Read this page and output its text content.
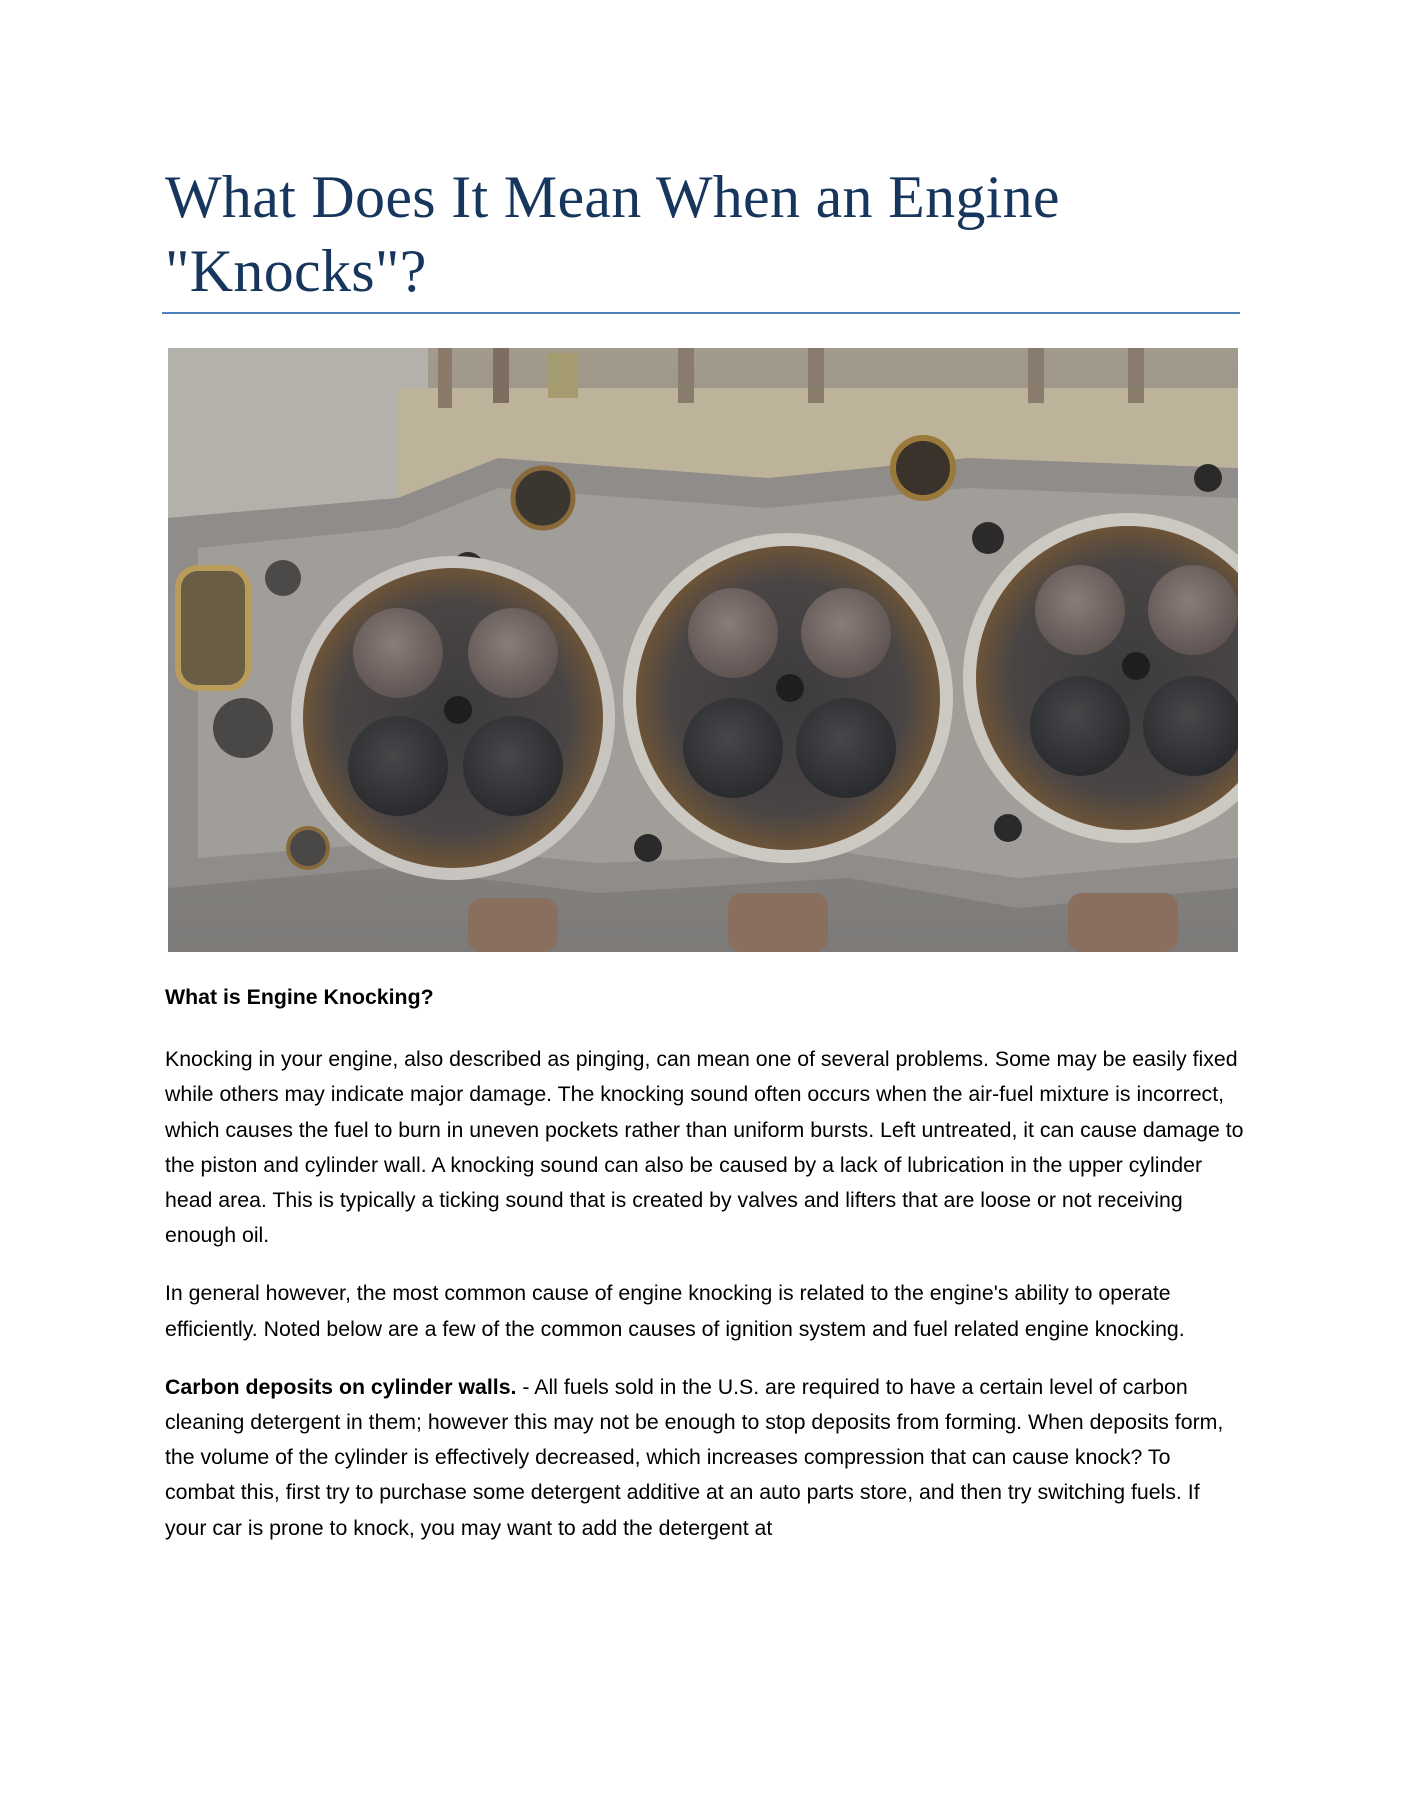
What Does It Mean When an Engine "Knocks"?

What is Engine Knocking?

Knocking in your engine, also described as pinging, can mean one of several problems. Some may be easily fixed while others may indicate major damage. The knocking sound often occurs when the air-fuel mixture is incorrect, which causes the fuel to burn in uneven pockets rather than uniform bursts. Left untreated, it can cause damage to the piston and cylinder wall. A knocking sound can also be caused by a lack of lubrication in the upper cylinder head area. This is typically a ticking sound that is created by valves and lifters that are loose or not receiving enough oil.

In general however, the most common cause of engine knocking is related to the engine's ability to operate efficiently. Noted below are a few of the common causes of ignition system and fuel related engine knocking.

Carbon deposits on cylinder walls. - All fuels sold in the U.S. are required to have a certain level of carbon cleaning detergent in them; however this may not be enough to stop deposits from forming. When deposits form, the volume of the cylinder is effectively decreased, which increases compression that can cause knock? To combat this, first try to purchase some detergent additive at an auto parts store, and then try switching fuels. If your car is prone to knock, you may want to add the detergent at
